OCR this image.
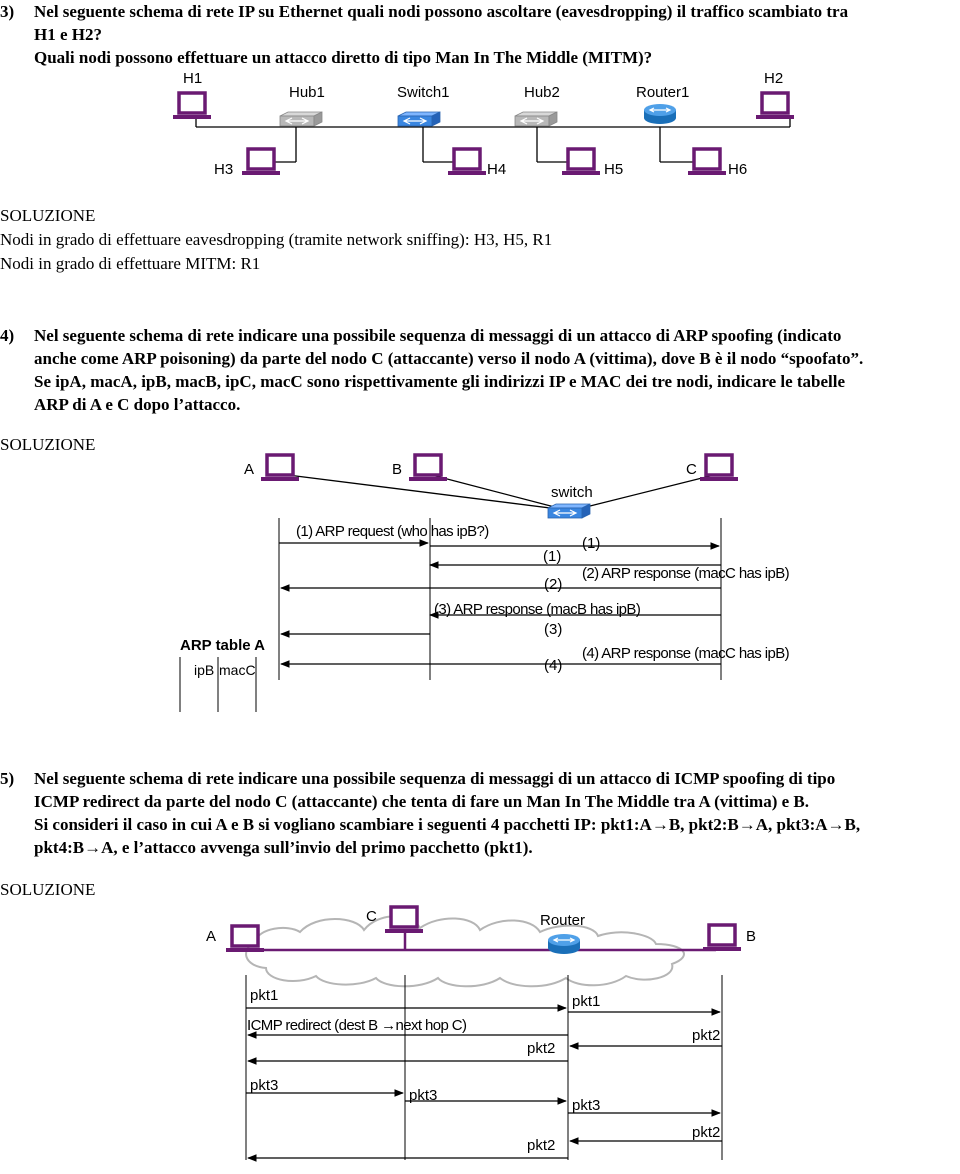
3)	Nel seguente schema di rete IP su Ethernet quali nodi possono ascoltare (eavesdropping) il traffico scambiato tra
H1 e H2?
Quali nodi possono effettuare un attacco diretto di tipo Man In The Middle (MITM)?
SOLUZIONE
Nodi in grado di effettuare eavesdropping (tramite network sniffing): H3, H5, R1
Nodi in grado di effettuare MITM: R1
4)	Nel seguente schema di rete indicare una possibile sequenza di messaggi di un attacco di ARP spoofing (indicato
anche come ARP poisoning) da parte del nodo C (attaccante) verso il nodo A (vittima), dove B è il nodo “spoofato”.
Se ipA, macA, ipB, macB, ipC, macC sono rispettivamente gli indirizzi IP e MAC dei tre nodi, indicare le tabelle
ARP di A e C dopo l’attacco.
SOLUZIONE
5)	Nel seguente schema di rete indicare una possibile sequenza di messaggi di un attacco di ICMP spoofing di tipo
ICMP redirect da parte del nodo C (attaccante) che tenta di fare un Man In The Middle tra A (vittima) e B.
Si consideri il caso in cui A e B si vogliano scambiare i seguenti 4 pacchetti IP: pkt1:A→B, pkt2:B→A, pkt3:A→B,
pkt4:B→A, e l’attacco avvenga sull’invio del primo pacchetto (pkt1).
SOLUZIONE
H1	H2
Hub1	Switch1	Hub2	Router1
H3	H4	H5	H6
A	B	C
switch
(1) ARP request (who has ipB?)
(1)
(1)
(2) ARP response (macC has ipB)
(2)
(3) ARP response (macB has ipB)
(3)
(4) ARP response (macC has ipB)
(4)
ARP table A
ipB macC
A
C	Router
B
pkt1	pkt1
ICMP redirect (dest B →next hop C)
pkt2
pkt2
pkt3
pkt3
pkt3
pkt2
pkt2
